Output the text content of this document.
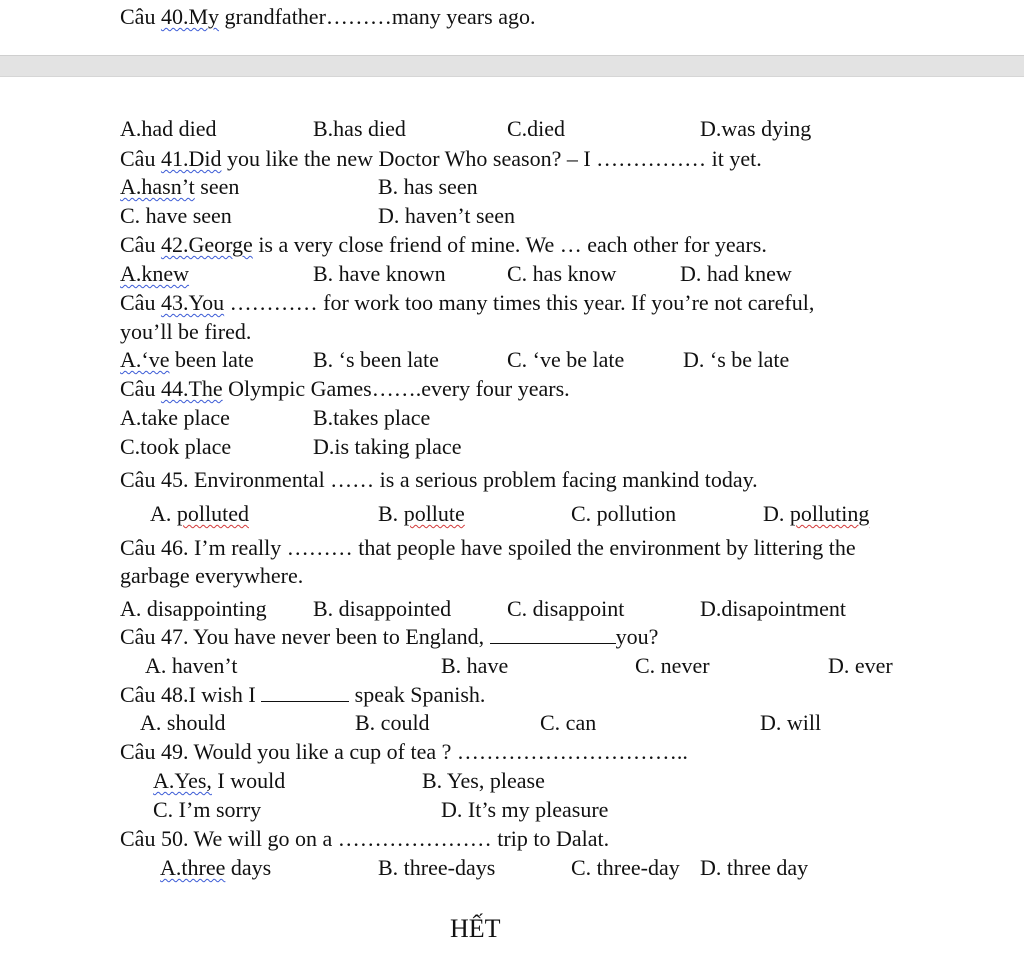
Câu 40.My grandfather………many years ago.
A.had died	B.has died	C.died	D.was dying
Câu 41.Did you like the new Doctor Who season? – I …………… it yet.
A.hasn’t seen	B. has seen
C. have seen	D. haven’t seen
Câu 42.George is a very close friend of mine. We … each other for years.
A.knew	B. have known	C. has know	D. had knew
Câu 43.You ………… for work too many times this year. If you’re not careful,
you’ll be fired.
A.‘ve been late	B. ‘s been late	C. ‘ve be late	D. ‘s be late
Câu 44.The Olympic Games…….every four years.
A.take place	B.takes place
C.took place	D.is taking place
Câu 45. Environmental …… is a serious problem facing mankind today.
A. polluted	B. pollute	C. pollution	D. polluting
Câu 46. I’m really ……… that people have spoiled the environment by littering the
garbage everywhere.
A. disappointing B. disappointed	C. disappoint	D.disapointment
Câu 47. You have never been to England,	you?
A. haven’t	B. have	C. never	D. ever
Câu 48.I wish I	speak Spanish.
A. should	B. could	C. can	D. will
Câu 49. Would you like a cup of tea ? …………………………..
A.Yes, I would	B. Yes, please
C. I’m sorry	D. It’s my pleasure
Câu 50. We will go on a ………………… trip to Dalat.
A.three days	B. three-days	C. three-day D. three day
HẾT
